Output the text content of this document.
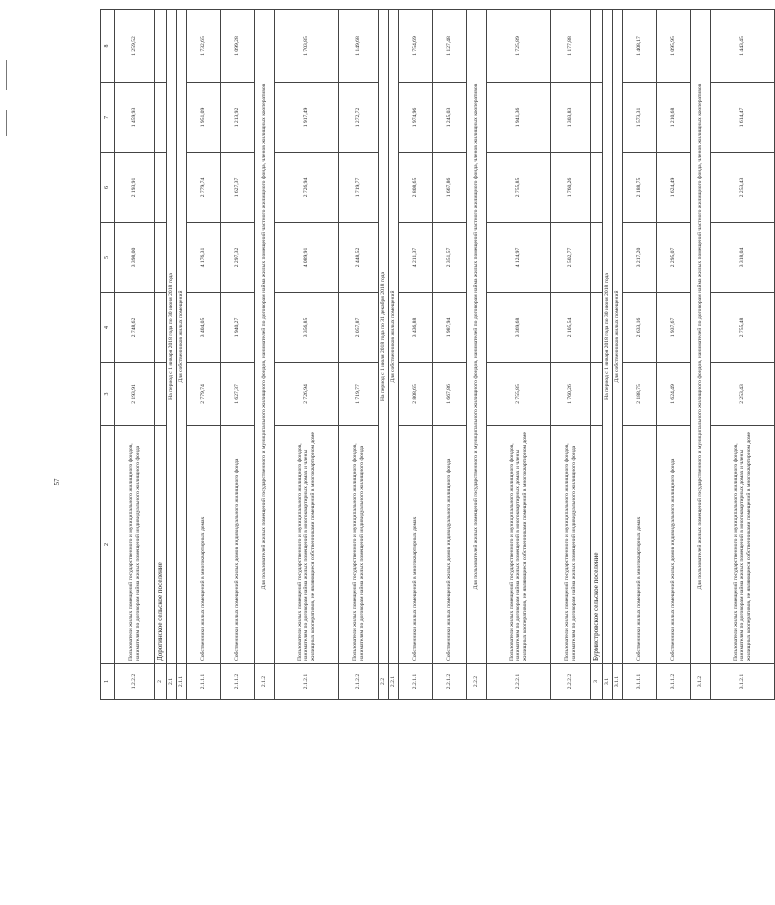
57
1	2	3	4	5	6	7	8
1.2.2.2	Пользователи жилых помещений государственного и муниципального жилищного фондов, нанимателям по договорам найма жилых помещений индивидуального жилищного фонда	2 193,91	2 748,62	3 398,00	2 193,91	1 459,93	1 259,52
2	Дорогинское сельское поселение						
2.1	На период с 1 января 2018 года по 30 июня 2018 года						
2.1.1	Для собственников жилых помещений						
2.1.1.1	Собственники жилых помещений в многоквартирных домах	2 779,74	3 404,05	4 176,31	2 779,74	1 951,09	1 732,65
2.1.1.2	Собственники жилых помещений жилых домов индивидуального жилищного фонда	1 627,37	1 940,27	2 297,32	1 627,37	1 213,92	1 099,28
2.1.2	Для пользователей жилых помещений государственного и муниципального жилищного фондов, нанимателей по договорам найма жилых помещений частного жилищного фонда, членов жилищных кооперативов						
2.1.2.1	Пользователи жилых помещений государственного и муниципального жилищного фондов, нанимателям по договорам найма жилых помещений в многоквартирных домах и члены жилищных кооперативов, не являющиеся собственниками помещений в многоквартирном доме	2 726,94	3 356,85	4 089,91	2 726,94	1 917,49	1 703,85
2.1.2.2	Пользователи жилых помещений государственного и муниципального жилищного фондов, нанимателям по договорам найма жилых помещений индивидуального жилищного фонда	1 719,77	2 057,87	2 448,52	1 719,77	1 272,72	1 149,68
2.2	На период с 1 июля 2018 года по 31 декабря 2018 года						
2.2.1	Для собственников жилых помещений						
2.2.1.1	Собственники жилых помещений в многоквартирных домах	2 808,65	3 436,88	4 211,37	2 808,65	1 974,96	1 754,69
2.2.1.2	Собственники жилых помещений жилых домов индивидуального жилищного фонда	1 667,86	1 987,94	2 351,57	1 667,86	1 245,03	1 127,48
2.2.2	Для пользователей жилых помещений государственного и муниципального жилищного фондов, нанимателей по договорам найма жилых помещений частного жилищного фонда, членов жилищных кооперативов						
2.2.2.1	Пользователи жилых помещений государственного и муниципального жилищного фондов, нанимателям по договорам найма жилых помещений в многоквартирных домах и члены жилищных кооперативов, не являющиеся собственниками помещений в многоквартирном доме	2 755,85	3 369,68	4 124,97	2 755,85	1 941,36	1 725,89
2.2.2.2	Пользователи жилых помещений государственного и муниципального жилищного фондов, нанимателям по договорам найма жилых помещений индивидуального жилищного фонда	1 760,26	2 105,54	2 502,77	1 760,26	1 303,83	1 177,88
3	Бурмистровское сельское поселение						
3.1	На период с 1 января 2018 года по 30 июня 2018 года						
3.1.1	Для собственников жилых помещений						
3.1.1.1	Собственники жилых помещений в многоквартирных домах	2 188,75	2 633,16	3 217,20	2 188,75	1 573,31	1 408,17
3.1.1.2	Собственники жилых помещений жилых домов индивидуального жилищного фонда	1 624,49	1 937,67	2 295,07	1 624,49	1 210,68	1 095,95
3.1.2	Для пользователей жилых помещений государственного и муниципального жилищного фондов, нанимателей по договорам найма жилых помещений частного жилищного фонда, членов жилищных кооперативов						
3.1.2.1	Пользователи жилых помещений государственного и муниципального жилищного фондов, нанимателям по договорам найма жилых помещений в многоквартирных домах и члены жилищных кооперативов, не являющиеся собственниками помещений в многоквартирном доме	2 253,43	2 755,48	3 318,04	2 253,43	1 614,47	1 443,45
